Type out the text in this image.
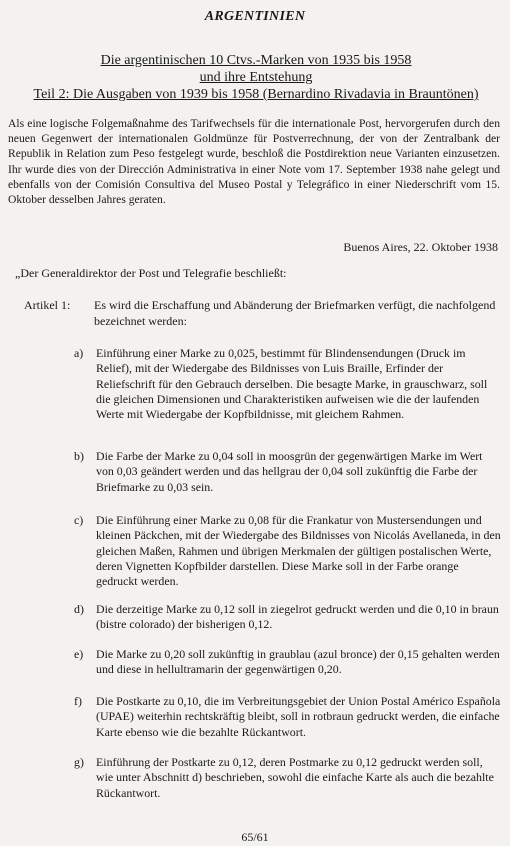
ARGENTINIEN
Die argentinischen 10 Ctvs.-Marken von 1935 bis 1958
und ihre Entstehung
Teil 2: Die Ausgaben von 1939 bis 1958 (Bernardino Rivadavia in Brauntönen)
Als eine logische Folgemaßnahme des Tarifwechsels für die internationale Post, hervorgerufen durch den neuen Gegenwert der internationalen Goldmünze für Postverrechnung, der von der Zentralbank der Republik in Relation zum Peso festgelegt wurde, beschloß die Postdirektion neue Varianten einzusetzen. Ihr wurde dies von der Dirección Administrativa in einer Note vom 17. September 1938 nahe gelegt und ebenfalls von der Comisión Consultiva del Museo Postal y Telegráfico in einer Niederschrift vom 15. Oktober desselben Jahres geraten.
Buenos Aires, 22. Oktober 1938
„Der Generaldirektor der Post und Telegrafie beschließt:
Artikel 1:	Es wird die Erschaffung und Abänderung der Briefmarken verfügt, die nachfolgend bezeichnet werden:
a)	Einführung einer Marke zu 0,025, bestimmt für Blindensendungen (Druck im Relief), mit der Wiedergabe des Bildnisses von Luis Braille, Erfinder der Reliefschrift für den Gebrauch derselben. Die besagte Marke, in grauschwarz, soll die gleichen Dimensionen und Charakteristiken aufweisen wie die der laufenden Werte mit Wiedergabe der Kopfbildnisse, mit gleichem Rahmen.
b)	Die Farbe der Marke zu 0,04 soll in moosgrün der gegenwärtigen Marke im Wert von 0,03 geändert werden und das hellgrau der 0,04 soll zukünftig die Farbe der Briefmarke zu 0,03 sein.
c)	Die Einführung einer Marke zu 0,08 für die Frankatur von Mustersendungen und kleinen Päckchen, mit der Wiedergabe des Bildnisses von Nicolás Avellaneda, in den gleichen Maßen, Rahmen und übrigen Merkmalen der gültigen postalischen Werte, deren Vignetten Kopfbilder darstellen. Diese Marke soll in der Farbe orange gedruckt werden.
d)	Die derzeitige Marke zu 0,12 soll in ziegelrot gedruckt werden und die 0,10 in braun (bistre colorado) der bisherigen 0,12.
e)	Die Marke zu 0,20 soll zukünftig in graublau (azul bronce) der 0,15 gehalten werden und diese in hellultramarin der gegenwärtigen 0,20.
f)	Die Postkarte zu 0,10, die im Verbreitungsgebiet der Union Postal Américo Española (UPAE) weiterhin rechtskräftig bleibt, soll in rotbraun gedruckt werden, die einfache Karte ebenso wie die bezahlte Rückantwort.
g)	Einführung der Postkarte zu 0,12, deren Postmarke zu 0,12 gedruckt werden soll, wie unter Abschnitt d) beschrieben, sowohl die einfache Karte als auch die bezahlte Rückantwort.
65/61
